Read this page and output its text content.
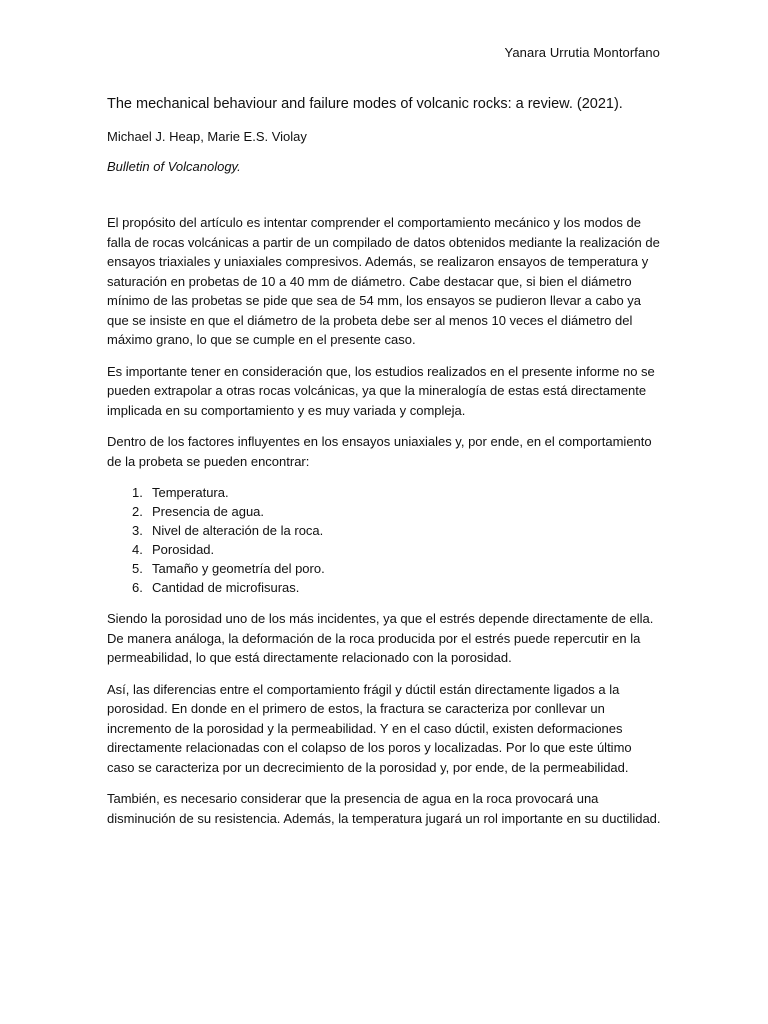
Yanara Urrutia Montorfano

The mechanical behaviour and failure modes of volcanic rocks: a review. (2021).

Michael J. Heap, Marie E.S. Violay

Bulletin of Volcanology.

El propósito del artículo es intentar comprender el comportamiento mecánico y los modos de falla de rocas volcánicas a partir de un compilado de datos obtenidos mediante la realización de ensayos triaxiales y uniaxiales compresivos. Además, se realizaron ensayos de temperatura y saturación en probetas de 10 a 40 mm de diámetro. Cabe destacar que, si bien el diámetro mínimo de las probetas se pide que sea de 54 mm, los ensayos se pudieron llevar a cabo ya que se insiste en que el diámetro de la probeta debe ser al menos 10 veces el diámetro del máximo grano, lo que se cumple en el presente caso.

Es importante tener en consideración que, los estudios realizados en el presente informe no se pueden extrapolar a otras rocas volcánicas, ya que la mineralogía de estas está directamente implicada en su comportamiento y es muy variada y compleja.

Dentro de los factores influyentes en los ensayos uniaxiales y, por ende, en el comportamiento de la probeta se pueden encontrar:

1. Temperatura.
2. Presencia de agua.
3. Nivel de alteración de la roca.
4. Porosidad.
5. Tamaño y geometría del poro.
6. Cantidad de microfisuras.

Siendo la porosidad uno de los más incidentes, ya que el estrés depende directamente de ella. De manera análoga, la deformación de la roca producida por el estrés puede repercutir en la permeabilidad, lo que está directamente relacionado con la porosidad.

Así, las diferencias entre el comportamiento frágil y dúctil están directamente ligados a la porosidad. En donde en el primero de estos, la fractura se caracteriza por conllevar un incremento de la porosidad y la permeabilidad. Y en el caso dúctil, existen deformaciones directamente relacionadas con el colapso de los poros y localizadas. Por lo que este último caso se caracteriza por un decrecimiento de la porosidad y, por ende, de la permeabilidad.

También, es necesario considerar que la presencia de agua en la roca provocará una disminución de su resistencia. Además, la temperatura jugará un rol importante en su ductilidad.
